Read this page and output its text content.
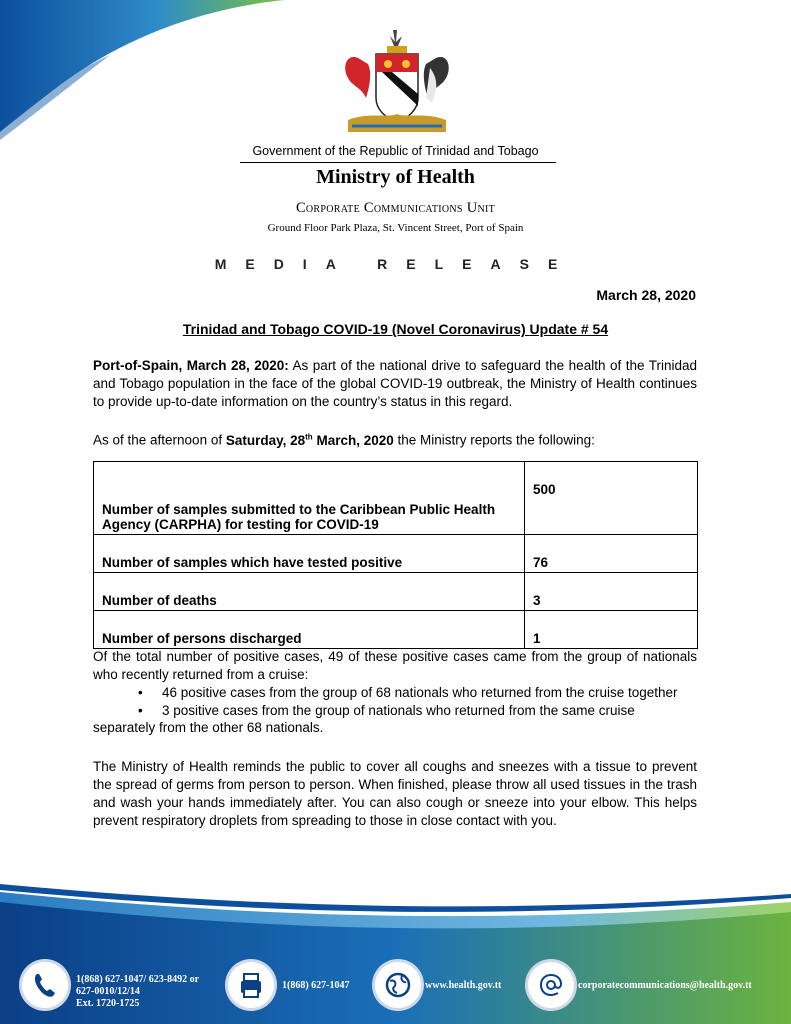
Government of the Republic of Trinidad and Tobago
Ministry of Health
Corporate Communications Unit
Ground Floor Park Plaza, St. Vincent Street, Port of Spain
MEDIA RELEASE
March 28, 2020
Trinidad and Tobago COVID-19 (Novel Coronavirus) Update # 54
Port-of-Spain, March 28, 2020: As part of the national drive to safeguard the health of the Trinidad and Tobago population in the face of the global COVID-19 outbreak, the Ministry of Health continues to provide up-to-date information on the country’s status in this regard.
As of the afternoon of Saturday, 28th March, 2020 the Ministry reports the following:
Number of samples submitted to the Caribbean Public Health Agency (CARPHA) for testing for COVID-19	500
Number of samples which have tested positive	76
Number of deaths	3
Number of persons discharged	1
Of the total number of positive cases, 49 of these positive cases came from the group of nationals who recently returned from a cruise:
• 46 positive cases from the group of 68 nationals who returned from the cruise together
• 3 positive cases from the group of nationals who returned from the same cruise
separately from the other 68 nationals.
The Ministry of Health reminds the public to cover all coughs and sneezes with a tissue to prevent the spread of germs from person to person. When finished, please throw all used tissues in the trash and wash your hands immediately after. You can also cough or sneeze into your elbow. This helps prevent respiratory droplets from spreading to those in close contact with you.
1(868) 627-1047/ 623-8492 or
627-0010/12/14
Ext. 1720-1725
1(868) 627-1047	www.health.gov.tt	corporatecommunications@health.gov.tt
